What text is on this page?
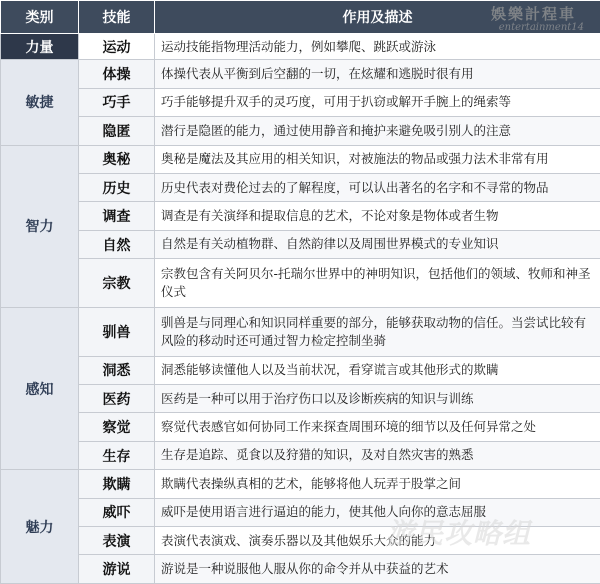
类别	技能	作用及描述
力量	运动	运动技能指物理活动能力，例如攀爬、跳跃或游泳
敏捷	体操	体操代表从平衡到后空翻的一切，在炫耀和逃脱时很有用
	巧手	巧手能够提升双手的灵巧度，可用于扒窃或解开手腕上的绳索等
	隐匿	潜行是隐匿的能力，通过使用静音和掩护来避免吸引别人的注意
智力	奥秘	奥秘是魔法及其应用的相关知识，对被施法的物品或强力法术非常有用
	历史	历史代表对费伦过去的了解程度，可以认出著名的名字和不寻常的物品
	调查	调查是有关演绎和提取信息的艺术，不论对象是物体或者生物
	自然	自然是有关动植物群、自然韵律以及周围世界模式的专业知识
	宗教	宗教包含有关阿贝尔-托瑞尔世界中的神明知识，包括他们的领域、牧师和神圣仪式
感知	驯兽	驯兽是与同理心和知识同样重要的部分，能够获取动物的信任。当尝试比较有风险的移动时还可通过智力检定控制坐骑
	洞悉	洞悉能够读懂他人以及当前状况，看穿谎言或其他形式的欺瞒
	医药	医药是一种可以用于治疗伤口以及诊断疾病的知识与训练
	察觉	察觉代表感官如何协同工作来探查周围环境的细节以及任何异常之处
	生存	生存是追踪、觅食以及狩猎的知识，及对自然灾害的熟悉
魅力	欺瞒	欺瞒代表操纵真相的艺术，能够将他人玩弄于股掌之间
	威吓	威吓是使用语言进行逼迫的能力，使其他人向你的意志屈服
	表演	表演代表演戏、演奏乐器以及其他娱乐大众的能力
	游说	游说是一种说服他人服从你的命令并从中获益的艺术
娛樂計程車
entertainment14
游民攻略组
